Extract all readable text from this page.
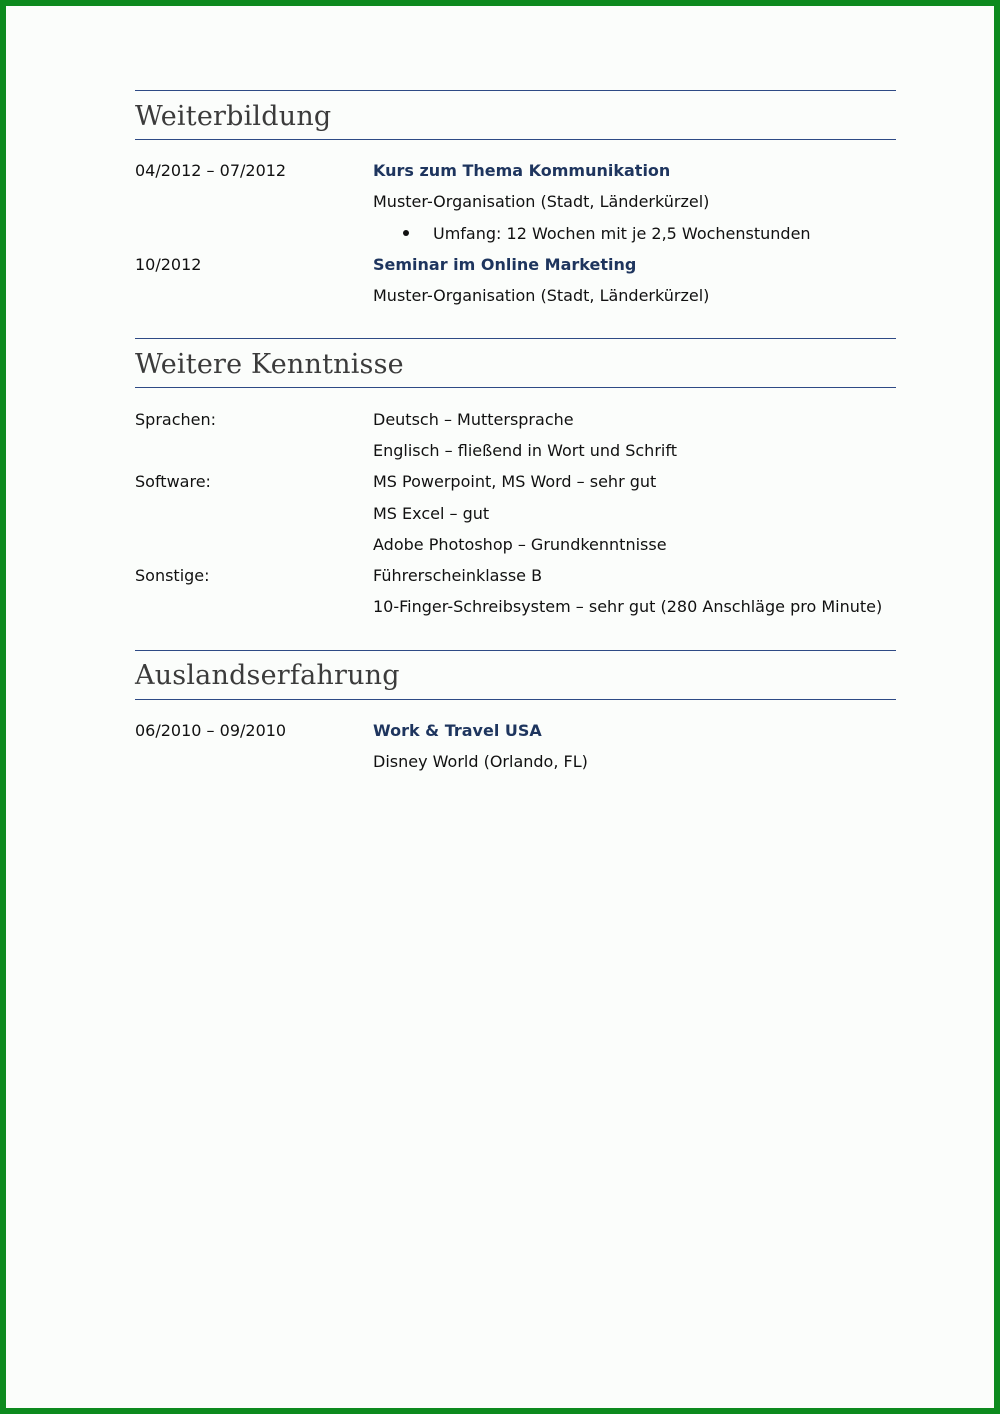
Weiterbildung
04/2012 – 07/2012	Kurs zum Thema Kommunikation
Muster-Organisation (Stadt, Länderkürzel)
Umfang: 12 Wochen mit je 2,5 Wochenstunden
10/2012	Seminar im Online Marketing
Muster-Organisation (Stadt, Länderkürzel)
Weitere Kenntnisse
Sprachen:	Deutsch – Muttersprache
Englisch – fließend in Wort und Schrift
Software:	MS Powerpoint, MS Word – sehr gut
MS Excel – gut
Adobe Photoshop – Grundkenntnisse
Sonstige:	Führerscheinklasse B
10-Finger-Schreibsystem – sehr gut (280 Anschläge pro Minute)
Auslandserfahrung
06/2010 – 09/2010	Work & Travel USA
Disney World (Orlando, FL)
